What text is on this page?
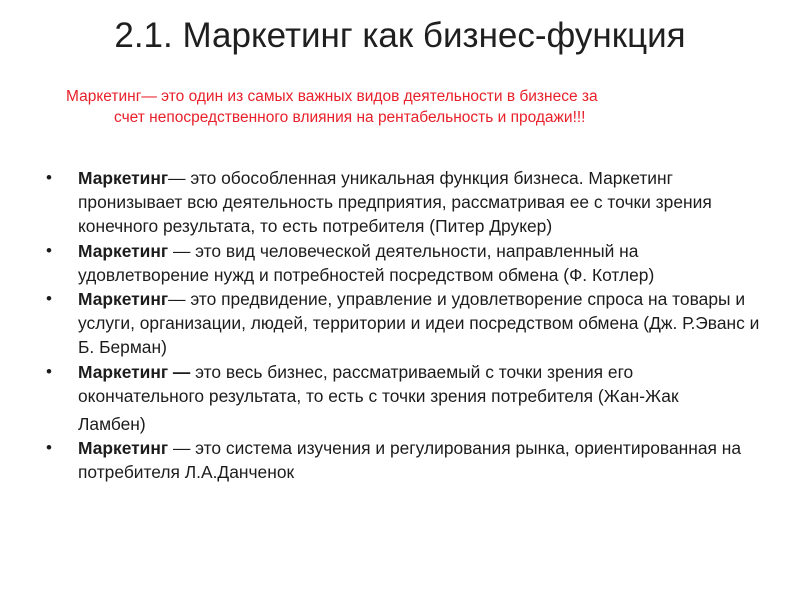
2.1. Маркетинг как бизнес-функция

Маркетинг— это один из самых важных видов деятельности в бизнесе за
счет непосредственного влияния на рентабельность и продажи!!!

• Маркетинг— это обособленная уникальная функция бизнеса. Маркетинг пронизывает всю деятельность предприятия, рассматривая ее с точки зрения конечного результата, то есть потребителя (Питер Друкер)
• Маркетинг — это вид человеческой деятельности, направленный на удовлетворение нужд и потребностей посредством обмена (Ф. Котлер)
• Маркетинг— это предвидение, управление и удовлетворение спроса на товары и услуги, организации, людей, территории и идеи посредством обмена (Дж. Р.Эванс и Б. Берман)
• Маркетинг — это весь бизнес, рассматриваемый с точки зрения его окончательного результата, то есть с точки зрения потребителя (Жан-Жак
Ламбен)
• Маркетинг — это система изучения и регулирования рынка, ориентированная на потребителя Л.А.Данченок
